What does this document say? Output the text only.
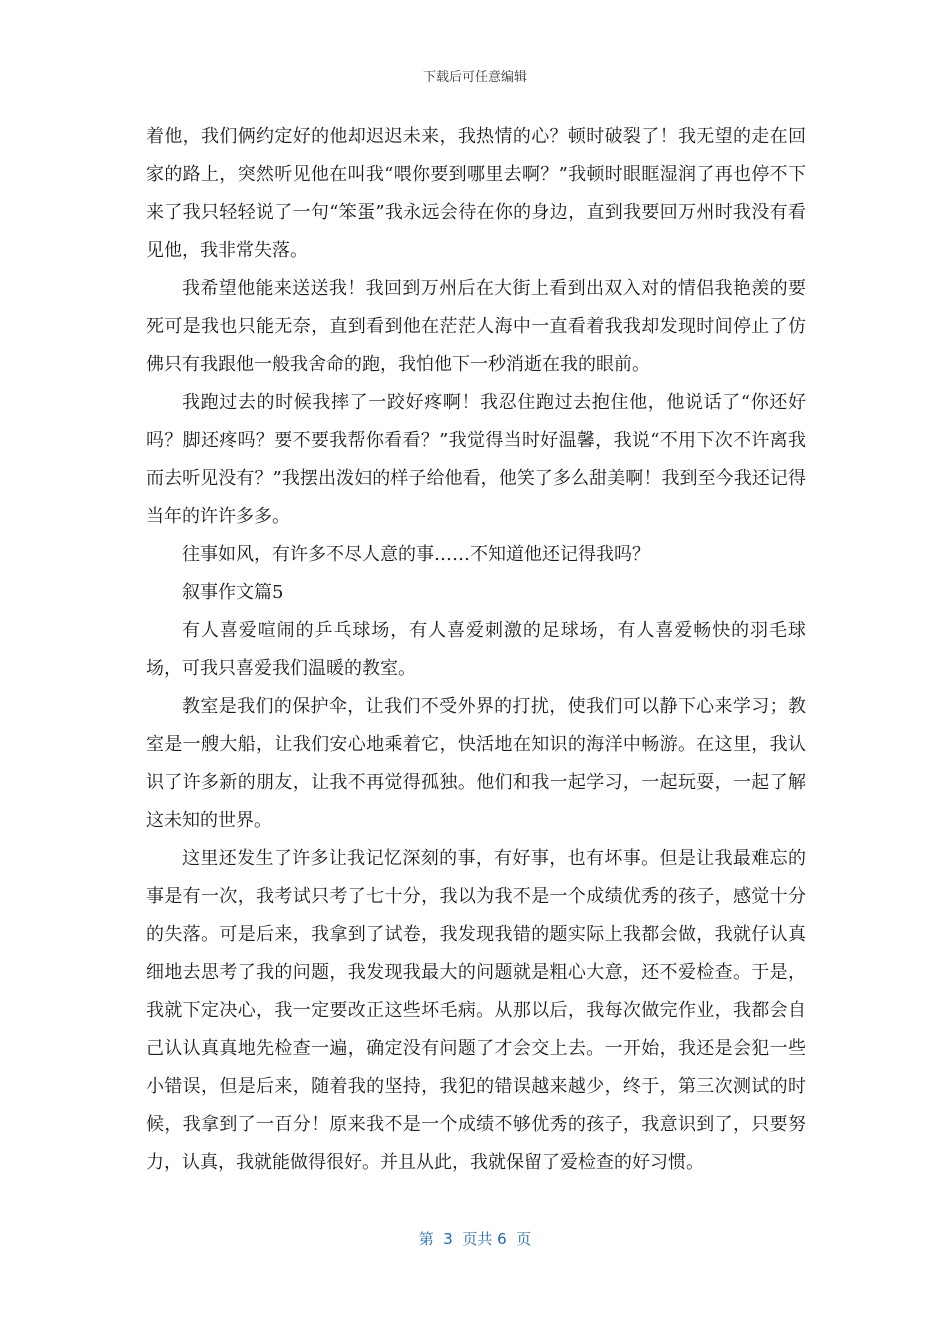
下载后可任意编辑

着他，我们俩约定好的他却迟迟未来，我热情的心？顿时破裂了！我无望的走在回家的路上，突然听见他在叫我“喂你要到哪里去啊？”我顿时眼眶湿润了再也停不下来了我只轻轻说了一句“笨蛋”我永远会待在你的身边，直到我要回万州时我没有看见他，我非常失落。

我希望他能来送送我！我回到万州后在大街上看到出双入对的情侣我艳羡的要死可是我也只能无奈，直到看到他在茫茫人海中一直看着我我却发现时间停止了仿佛只有我跟他一般我舍命的跑，我怕他下一秒消逝在我的眼前。

我跑过去的时候我摔了一跤好疼啊！我忍住跑过去抱住他，他说话了“你还好吗？脚还疼吗？要不要我帮你看看？”我觉得当时好温馨，我说“不用下次不许离我而去听见没有？”我摆出泼妇的样子给他看，他笑了多么甜美啊！我到至今我还记得当年的许许多多。

往事如风，有许多不尽人意的事……不知道他还记得我吗？

叙事作文篇5

有人喜爱喧闹的乒乓球场，有人喜爱刺激的足球场，有人喜爱畅快的羽毛球场，可我只喜爱我们温暖的教室。

教室是我们的保护伞，让我们不受外界的打扰，使我们可以静下心来学习；教室是一艘大船，让我们安心地乘着它，快活地在知识的海洋中畅游。在这里，我认识了许多新的朋友，让我不再觉得孤独。他们和我一起学习，一起玩耍，一起了解这未知的世界。

这里还发生了许多让我记忆深刻的事，有好事，也有坏事。但是让我最难忘的事是有一次，我考试只考了七十分，我以为我不是一个成绩优秀的孩子，感觉十分的失落。可是后来，我拿到了试卷，我发现我错的题实际上我都会做，我就仔认真细地去思考了我的问题，我发现我最大的问题就是粗心大意，还不爱检查。于是，我就下定决心，我一定要改正这些坏毛病。从那以后，我每次做完作业，我都会自己认认真真地先检查一遍，确定没有问题了才会交上去。一开始，我还是会犯一些小错误，但是后来，随着我的坚持，我犯的错误越来越少，终于，第三次测试的时候，我拿到了一百分！原来我不是一个成绩不够优秀的孩子，我意识到了，只要努力，认真，我就能做得很好。并且从此，我就保留了爱检查的好习惯。

第  3  页共 6  页
